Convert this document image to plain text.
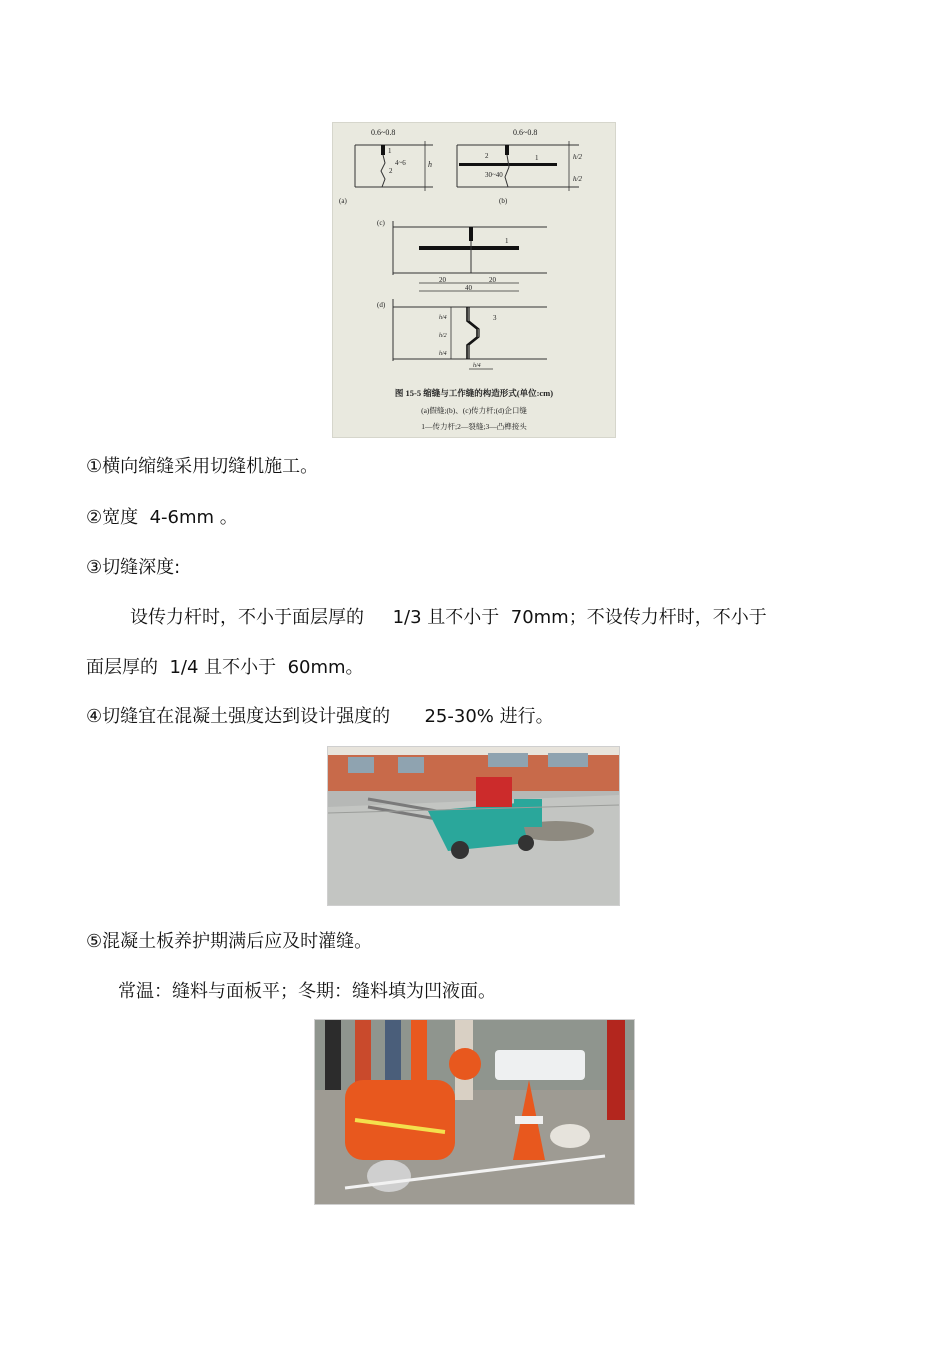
0.6~0.8
4~6
1
2
h
(a)
0.6~0.8
2	1
30~40
h/2
h/2
(b)
(c)
1
20	20
40
(d)
3
h/4
h/2
h/4
h/4
图 15-5 缩缝与工作缝的构造形式(单位:cm)
(a)假缝;(b)、(c)传力杆;(d)企口缝
1—传力杆;2—裂缝;3—凸榫接头
①横向缩缝采用切缝机施工。
②宽度  4-6mm 。
③切缝深度:
设传力杆时，不小于面层厚的     1/3 且不小于  70mm；不设传力杆时，不小于
面层厚的  1/4 且不小于  60mm。
④切缝宜在混凝土强度达到设计强度的      25-30% 进行。
⑤混凝土板养护期满后应及时灌缝。
常温：缝料与面板平；冬期：缝料填为凹液面。
